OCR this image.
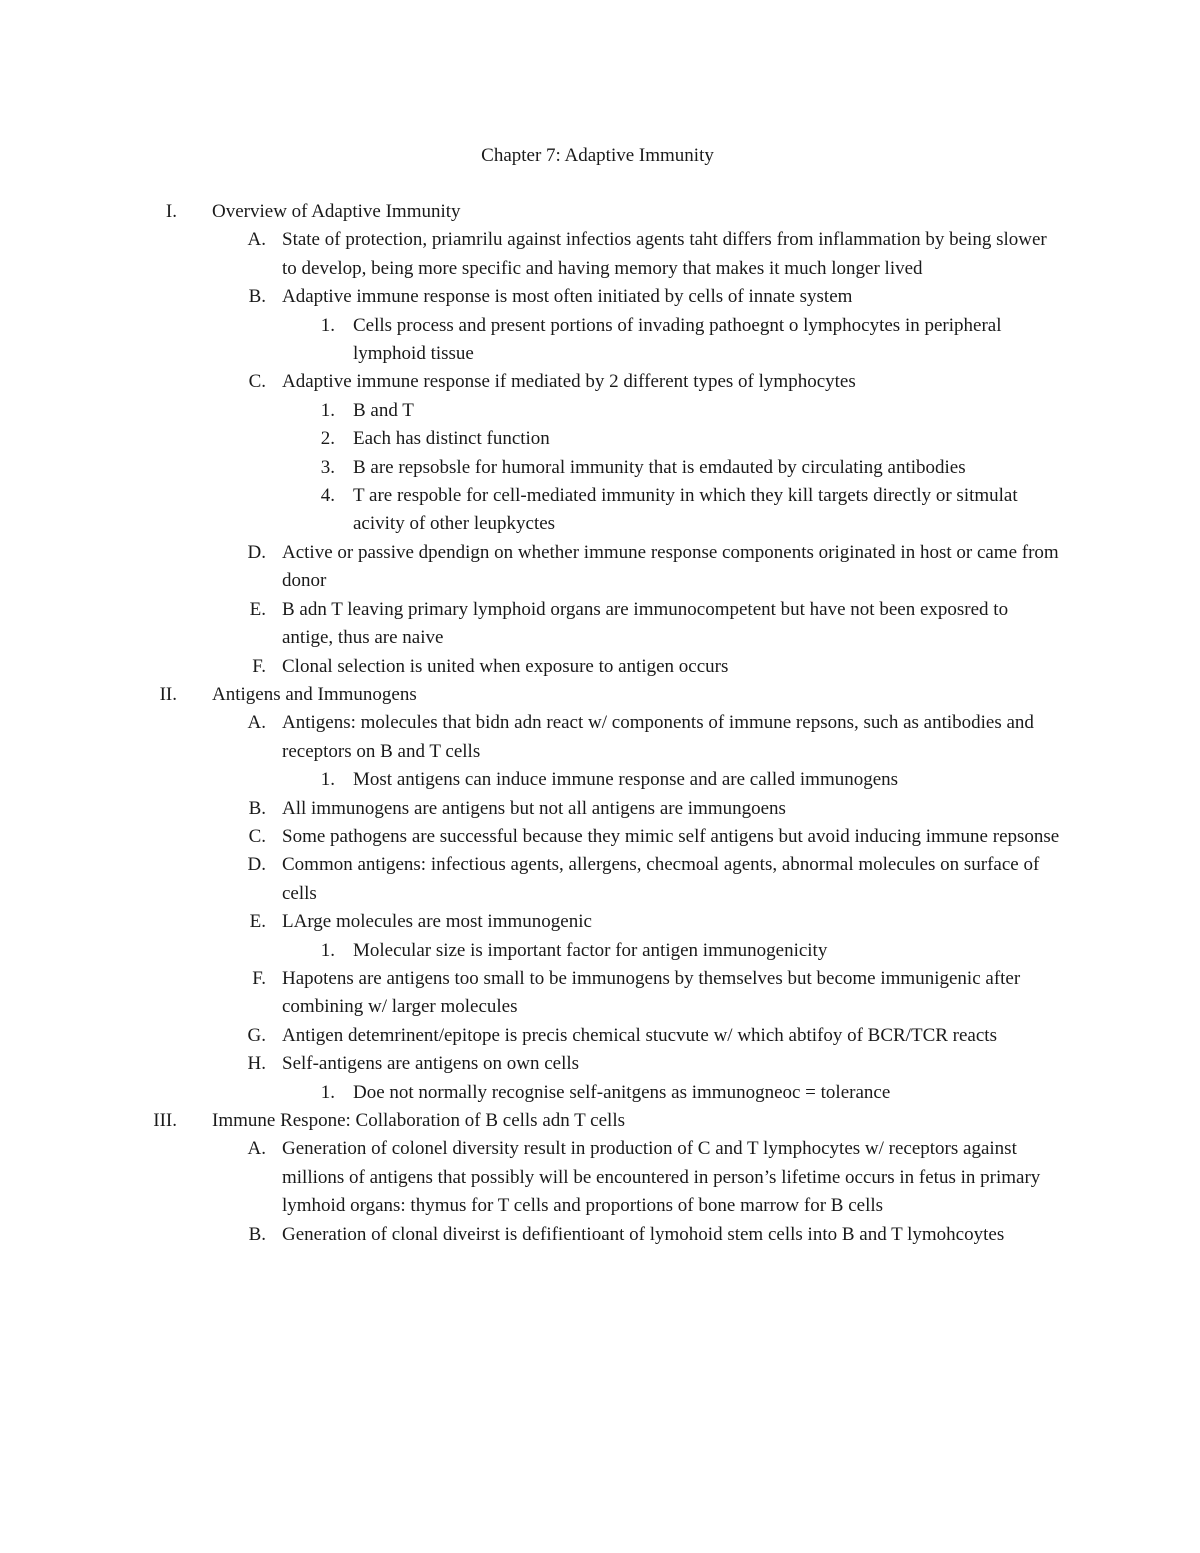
Chapter 7: Adaptive Immunity
I. Overview of Adaptive Immunity
A. State of protection, priamrilu against infectios agents taht differs from inflammation by being slower to develop, being more specific and having memory that makes it much longer lived
B. Adaptive immune response is most often initiated by cells of innate system
1. Cells process and present portions of invading pathoegnt o lymphocytes in peripheral lymphoid tissue
C. Adaptive immune response if mediated by 2 different types of lymphocytes
1. B and T
2. Each has distinct function
3. B are repsobsle for humoral immunity that is emdauted by circulating antibodies
4. T are respoble for cell-mediated immunity in which they kill targets directly or sitmulat acivity of other leupkyctes
D. Active or passive dpendign on whether immune response components originated in host or came from donor
E. B adn T leaving primary lymphoid organs are immunocompetent but have not been exposred to antige, thus are naive
F. Clonal selection is united when exposure to antigen occurs
II. Antigens and Immunogens
A. Antigens: molecules that bidn adn react w/ components of immune repsons, such as antibodies and receptors on B and T cells
1. Most antigens can induce immune response and are called immunogens
B. All immunogens are antigens but not all antigens are immungoens
C. Some pathogens are successful because they mimic self antigens but avoid inducing immune repsonse
D. Common antigens: infectious agents, allergens, checmoal agents, abnormal molecules on surface of cells
E. LArge molecules are most immunogenic
1. Molecular size is important factor for antigen immunogenicity
F. Hapotens are antigens too small to be immunogens by themselves but become immunigenic after combining w/ larger molecules
G. Antigen detemrinent/epitope is precis chemical stucvute w/ which abtifoy of BCR/TCR reacts
H. Self-antigens are antigens on own cells
1. Doe not normally recognise self-anitgens as immunogneoc = tolerance
III. Immune Respone: Collaboration of B cells adn T cells
A. Generation of colonel diversity result in production of C and T lymphocytes w/ receptors against millions of antigens that possibly will be encountered in person’s lifetime occurs in fetus in primary lymhoid organs: thymus for T cells and proportions of bone marrow for B cells
B. Generation of clonal diveirst is defifientioant of lymohoid stem cells into B and T lymohcoytes
